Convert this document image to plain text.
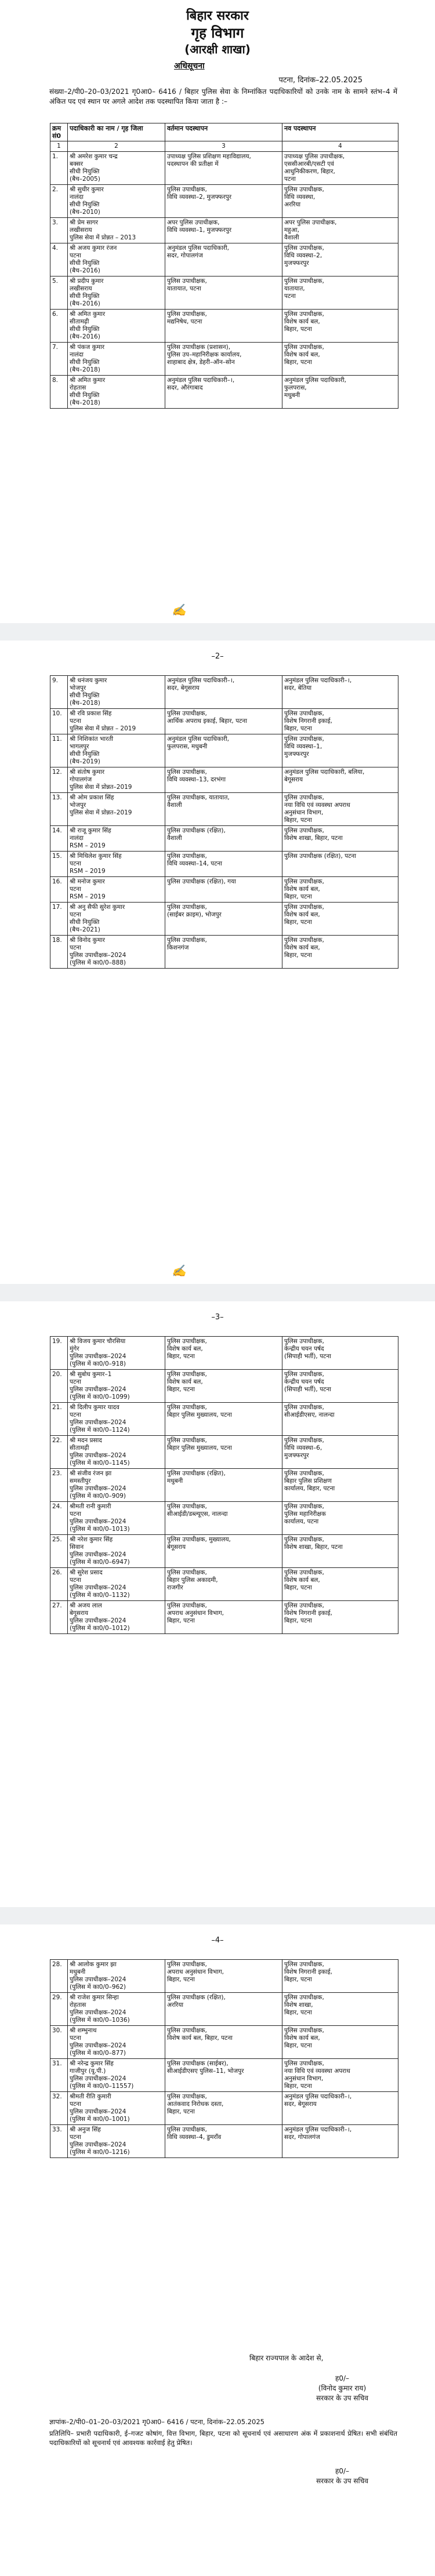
बिहार सरकार
गृह विभाग
(आरक्षी शाखा)
अधिसूचना
पटना, दिनांक–22.05.2025
संख्या–2/पी0–20–03/2021 गृ0आ0– 6416 / बिहार पुलिस सेवा के निम्नांकित पदाधिकारियों को उनके नाम के सामने स्तंभ–4 में अंकित पद एवं स्थान पर अगले आदेश तक पदस्थापित किया जाता है :–
क्रम सं0	पदाधिकारी का नाम / गृह जिला	वर्तमान पदस्थापन	नव पदस्थापन
1	2	3	4
1.	श्री अमरेश कुमार चन्द्र
बक्सर
सीधी नियुक्ति
(बैच–2005)	उपाध्यक्ष पुलिस प्रशिक्षण महाविद्यालय,
पदस्थापन की प्रतीक्षा में	उपाध्यक्ष पुलिस उपाधीक्षक,
एससीआरबी/एसटी एवं
आधुनिकीकरण, बिहार,
पटना

2.	श्री सुधीर कुमार
नालंदा
सीधी नियुक्ति
(बैच–2010)	पुलिस उपाधीक्षक,
विधि व्यवस्था–2, मुजफ्फरपुर	पुलिस उपाधीक्षक,
विधि व्यवस्था,
अररिया

3.	श्री प्रेम सागर
लखीसराय
पुलिस सेवा में प्रोन्नत – 2013	अपर पुलिस उपाधीक्षक,
विधि व्यवस्था–1, मुजफ्फरपुर	अपर पुलिस उपाधीक्षक,
महुआ,
वैशाली

4.	श्री अजय कुमार रंजन
पटना
सीधी नियुक्ति
(बैच–2016)	अनुमंडल पुलिस पदाधिकारी,
सदर, गोपालगंज	पुलिस उपाधीक्षक,
विधि व्यवस्था–2,
मुजफ्फरपुर

5.	श्री प्रदीप कुमार
लखीसराय
सीधी नियुक्ति
(बैच–2016)	पुलिस उपाधीक्षक,
यातायात, पटना	पुलिस उपाधीक्षक,
यातायात,
पटना

6.	श्री अमित कुमार
सीतामढ़ी
सीधी नियुक्ति
(बैच–2016)	पुलिस उपाधीक्षक,
मद्यनिषेध, पटना	पुलिस उपाधीक्षक,
विशेष कार्य बल,
बिहार, पटना

7.	श्री पंकज कुमार
नालंदा
सीधी नियुक्ति
(बैच–2018)	पुलिस उपाधीक्षक (प्रशासन),
पुलिस उप–महानिरीक्षक कार्यालय,
शाहाबाद क्षेत्र, डेहरी–ऑन–सोन	पुलिस उपाधीक्षक,
विशेष कार्य बल,
बिहार, पटना

8.	श्री अमित कुमार
रोहतास
सीधी नियुक्ति
(बैच–2018)	अनुमंडल पुलिस पदाधिकारी–।,
सदर, औरंगाबाद	अनुमंडल पुलिस पदाधिकारी,
फुलपरास,
मधुबनी
✍
–2–
9.	श्री धनंजय कुमार
भोजपुर
सीधी नियुक्ति
(बैच–2018)	अनुमंडल पुलिस पदाधिकारी–।,
सदर, बेगूसराय	अनुमंडल पुलिस पदाधिकारी–।,
सदर, बेतिया

10.	श्री रवि प्रकाश सिंह
पटना
पुलिस सेवा में प्रोन्नत – 2019	पुलिस उपाधीक्षक,
आर्थिक अपराध इकाई, बिहार, पटना	पुलिस उपाधीक्षक,
विशेष निगरानी इकाई,
बिहार, पटना

11.	श्री निशिकांत भारती
भागलपुर
सीधी नियुक्ति
(बैच–2019)	अनुमंडल पुलिस पदाधिकारी,
फुलपरास, मधुबनी	पुलिस उपाधीक्षक,
विधि व्यवस्था–1,
मुजफ्फरपुर

12.	श्री संतोष कुमार
गोपालगंज
पुलिस सेवा में प्रोन्नत–2019	पुलिस उपाधीक्षक,
विधि व्यवस्था–13, दरभंगा	अनुमंडल पुलिस पदाधिकारी, बलिया,
बेगूसराय

13.	श्री ओम प्रकाश सिंह
भोजपुर
पुलिस सेवा में प्रोन्नत–2019	पुलिस उपाधीक्षक, यातायात,
वैशाली	पुलिस उपाधीक्षक,
नया विधि एवं व्यवस्था अपराध
अनुसंधान विभाग,
बिहार, पटना

14.	श्री राजू कुमार सिंह
नालंदा
RSM – 2019	पुलिस उपाधीक्षक (रक्षित),
वैशाली	पुलिस उपाधीक्षक,
विशेष शाखा, बिहार, पटना

15.	श्री मिथिलेश कुमार सिंह
पटना
RSM – 2019	पुलिस उपाधीक्षक,
विधि व्यवस्था–14, पटना	पुलिस उपाधीक्षक (रक्षित), पटना

16.	श्री मनोज कुमार
पटना
RSM – 2019	पुलिस उपाधीक्षक (रक्षित), गया	पुलिस उपाधीक्षक,
विशेष कार्य बल,
बिहार, पटना

17.	श्री अनु सैफी सुरेश कुमार
पटना
सीधी नियुक्ति
(बैच–2021)	पुलिस उपाधीक्षक,
(साईबर क्राइम), भोजपुर	पुलिस उपाधीक्षक,
विशेष कार्य बल,
बिहार, पटना

18.	श्री विनोद कुमार
पटना
पुलिस उपाधीक्षक–2024
(पुलिस में का0/0–888)	पुलिस उपाधीक्षक,
किशनगंज	पुलिस उपाधीक्षक,
विशेष कार्य बल,
बिहार, पटना
✍
–3–
19.	श्री विजय कुमार चौरसिया
मुंगेर
पुलिस उपाधीक्षक–2024
(पुलिस में का0/0–918)	पुलिस उपाधीक्षक,
विशेष कार्य बल,
बिहार, पटना	पुलिस उपाधीक्षक,
केन्द्रीय चयन पर्षद
(सिपाही भर्ती), पटना

20.	श्री सुबोध कुमार–1
पटना
पुलिस उपाधीक्षक–2024
(पुलिस में का0/0–1099)	पुलिस उपाधीक्षक,
विशेष कार्य बल,
बिहार, पटना	पुलिस उपाधीक्षक,
केन्द्रीय चयन पर्षद
(सिपाही भर्ती), पटना

21.	श्री दिलीप कुमार यादव
पटना
पुलिस उपाधीक्षक–2024
(पुलिस में का0/0–1124)	पुलिस उपाधीक्षक,
बिहार पुलिस मुख्यालय, पटना	पुलिस उपाधीक्षक,
सीआईडीएसए, नालन्दा

22.	श्री मदन प्रसाद
सीतामढ़ी
पुलिस उपाधीक्षक–2024
(पुलिस में का0/0–1145)	पुलिस उपाधीक्षक,
बिहार पुलिस मुख्यालय, पटना	पुलिस उपाधीक्षक,
विधि व्यवस्था–6,
मुजफ्फरपुर

23.	श्री संजीव रंजन झा
समस्तीपुर
पुलिस उपाधीक्षक–2024
(पुलिस में का0/0–909)	पुलिस उपाधीक्षक (रक्षित),
मधुबनी	पुलिस उपाधीक्षक,
बिहार पुलिस प्रशिक्षण
कार्यालय, बिहार, पटना

24.	श्रीमती रानी कुमारी
पटना
पुलिस उपाधीक्षक–2024
(पुलिस में का0/0–1013)	पुलिस उपाधीक्षक,
सीआईडी/डब्ल्यूएस, नालन्दा	पुलिस उपाधीक्षक,
पुलिस महानिरीक्षक
कार्यालय, पटना

25.	श्री नरेश कुमार सिंह
सिवान
पुलिस उपाधीक्षक–2024
(पुलिस में का0/0–6947)	पुलिस उपाधीक्षक, मुख्यालय,
बेगूसराय	पुलिस उपाधीक्षक,
विशेष शाखा, बिहार, पटना

26.	श्री सुरेश प्रसाद
पटना
पुलिस उपाधीक्षक–2024
(पुलिस में का0/0–1132)	पुलिस उपाधीक्षक,
बिहार पुलिस अकादमी,
राजगीर	पुलिस उपाधीक्षक,
विशेष कार्य बल,
बिहार, पटना

27.	श्री अजय लाल
बेगूसराय
पुलिस उपाधीक्षक–2024
(पुलिस में का0/0–1012)	पुलिस उपाधीक्षक,
अपराध अनुसंधान विभाग,
बिहार, पटना	पुलिस उपाधीक्षक,
विशेष निगरानी इकाई,
बिहार, पटना
–4–
28.	श्री आलोक कुमार झा
मधुबनी
पुलिस उपाधीक्षक–2024
(पुलिस में का0/0–962)	पुलिस उपाधीक्षक,
अपराध अनुसंधान विभाग,
बिहार, पटना	पुलिस उपाधीक्षक,
विशेष निगरानी इकाई,
बिहार, पटना

29.	श्री राजेश कुमार सिन्हा
रोहतास
पुलिस उपाधीक्षक–2024
(पुलिस में का0/0–1036)	पुलिस उपाधीक्षक (रक्षित),
अररिया	पुलिस उपाधीक्षक,
विशेष शाखा,
बिहार, पटना

30.	श्री शम्भुनाथ
पटना
पुलिस उपाधीक्षक–2024
(पुलिस में का0/0–877)	पुलिस उपाधीक्षक,
विशेष कार्य बल, बिहार, पटना	पुलिस उपाधीक्षक,
विशेष कार्य बल,
बिहार, पटना

31.	श्री नरेन्द्र कुमार सिंह
गाजीपुर (यू.पी.)
पुलिस उपाधीक्षक–2024
(पुलिस में का0/0–11557)	पुलिस उपाधीक्षक (साईबर),
सीआईडीएसए पुलिस–11, भोजपुर	पुलिस उपाधीक्षक,
नया विधि एवं व्यवस्था अपराध
अनुसंधान विभाग,
बिहार, पटना

32.	श्रीमती रीति कुमारी
पटना
पुलिस उपाधीक्षक–2024
(पुलिस में का0/0–1001)	पुलिस उपाधीक्षक,
आतंकवाद निरोधक दस्ता,
बिहार, पटना	अनुमंडल पुलिस पदाधिकारी–।,
सदर, बेगूसराय

33.	श्री अनुज सिंह
पटना
पुलिस उपाधीक्षक–2024
(पुलिस में का0/0–1216)	पुलिस उपाधीक्षक,
विधि व्यवस्था–4, डुमराँव	अनुमंडल पुलिस पदाधिकारी–।,
सदर, गोपालगंज
बिहार राज्यपाल के आदेश से,
ह0/–
(विनोद कुमार राय)
सरकार के उप सचिव
ज्ञापांक–2/पी0–01–20–03/2021 गृ0आ0– 6416 / पटना, दिनांक–22.05.2025
प्रतिलिपि– प्रभारी पदाधिकारी, ई–गजट कोषांग, वित्त विभाग, बिहार, पटना को सूचनार्थ एवं असाधारण अंक में प्रकाशनार्थ प्रेषित। सभी संबंधित पदाधिकारियों को सूचनार्थ एवं आवश्यक कार्रवाई हेतु प्रेषित।
ह0/–
सरकार के उप सचिव
